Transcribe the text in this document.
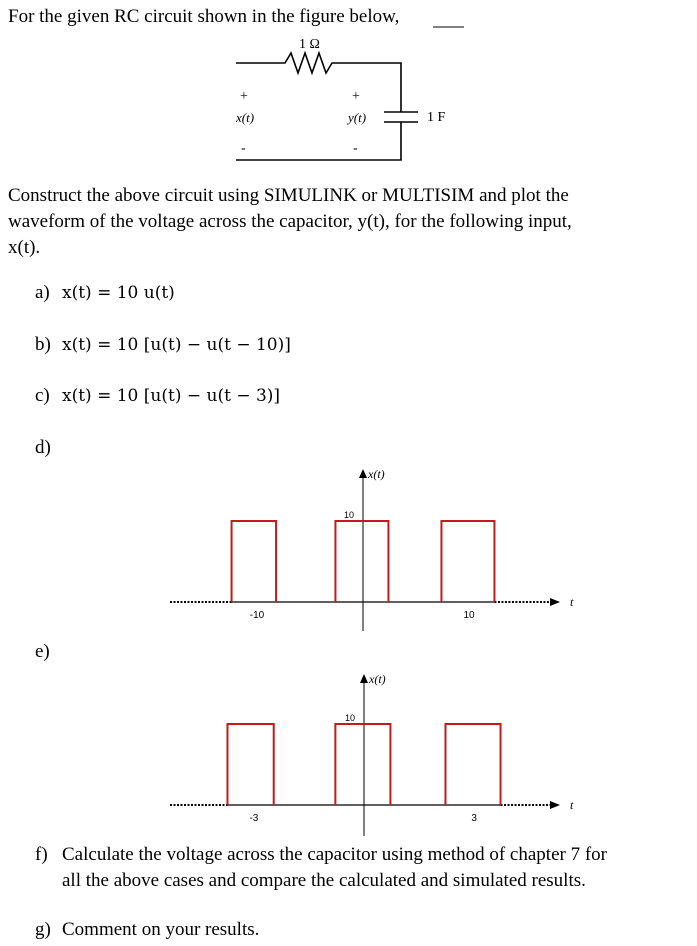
For the given RC circuit shown in the figure below,
1 Ω
1 F
+
-
x(t)
+
-
y(t)
Construct the above circuit using SIMULINK or MULTISIM and plot the
waveform of the voltage across the capacitor, y(t), for the following input,
x(t).
a) x(t) = 10 u(t)
b) x(t) = 10 [u(t) − u(t − 10)]
c) x(t) = 10 [u(t) − u(t − 3)]
d)
x(t)
10
t
-10	10
e)
x(t)
10
t
-3	3
f) Calculate the voltage across the capacitor using method of chapter 7 for
all the above cases and compare the calculated and simulated results.
g) Comment on your results.
